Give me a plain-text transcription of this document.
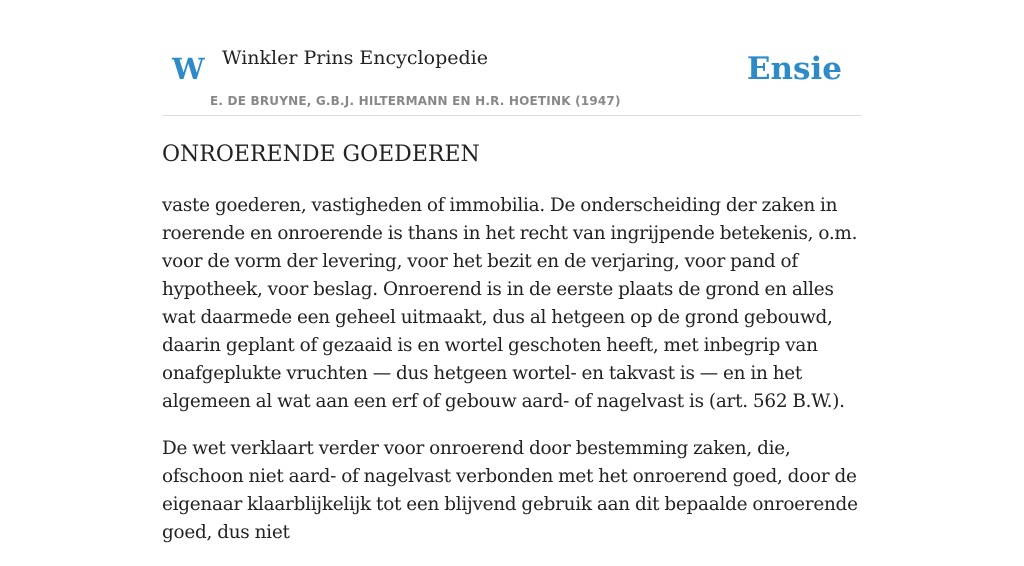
W Winkler Prins Encyclopedie
E. DE BRUYNE, G.B.J. HILTERMANN EN H.R. HOETINK (1947)
Ensie
ONROERENDE GOEDEREN

vaste goederen, vastigheden of immobilia. De onderscheiding der zaken in roerende en onroerende is thans in het recht van ingrijpende betekenis, o.m. voor de vorm der levering, voor het bezit en de verjaring, voor pand of hypotheek, voor beslag. Onroerend is in de eerste plaats de grond en alles wat daarmede een geheel uitmaakt, dus al hetgeen op de grond gebouwd, daarin geplant of gezaaid is en wortel geschoten heeft, met inbegrip van onafgeplukte vruchten — dus hetgeen wortel- en takvast is — en in het algemeen al wat aan een erf of gebouw aard- of nagelvast is (art. 562 B.W.).

De wet verklaart verder voor onroerend door bestemming zaken, die, ofschoon niet aard- of nagelvast verbonden met het onroerend goed, door de eigenaar klaarblijkelijk tot een blijvend gebruik aan dit bepaalde onroerende goed, dus niet
